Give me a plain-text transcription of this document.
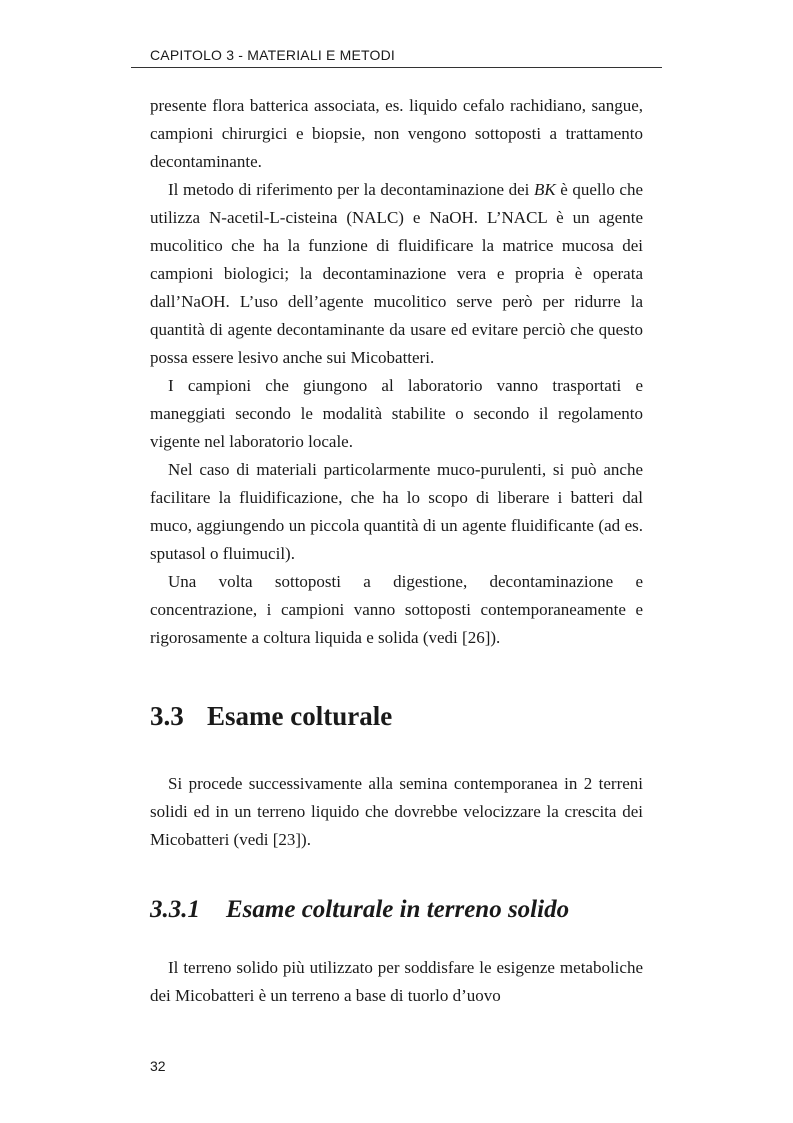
CAPITOLO 3 - MATERIALI E METODI

presente flora batterica associata, es. liquido cefalo rachidiano, sangue, campioni chirurgici e biopsie, non vengono sottoposti a trattamento decontaminante.

Il metodo di riferimento per la decontaminazione dei BK è quello che utilizza N-acetil-L-cisteina (NALC) e NaOH. L’NACL è un agente mucolitico che ha la funzione di fluidificare la matrice mucosa dei campioni biologici; la decontaminazione vera e propria è operata dall’NaOH. L’uso dell’agente mucolitico serve però per ridurre la quantità di agente decontaminante da usare ed evitare perciò che questo possa essere lesivo anche sui Micobatteri.

I campioni che giungono al laboratorio vanno trasportati e maneggiati secondo le modalità stabilite o secondo il regolamento vigente nel laboratorio locale.

Nel caso di materiali particolarmente muco-purulenti, si può anche facilitare la fluidificazione, che ha lo scopo di liberare i batteri dal muco, aggiungendo un piccola quantità di un agente fluidificante (ad es. sputasol o fluimucil).

Una volta sottoposti a digestione, decontaminazione e concentrazione, i campioni vanno sottoposti contemporaneamente e rigorosamente a coltura liquida e solida (vedi [26]).

3.3 Esame colturale

Si procede successivamente alla semina contemporanea in 2 terreni solidi ed in un terreno liquido che dovrebbe velocizzare la crescita dei Micobatteri (vedi [23]).

3.3.1 Esame colturale in terreno solido

Il terreno solido più utilizzato per soddisfare le esigenze metaboliche dei Micobatteri è un terreno a base di tuorlo d’uovo

32
